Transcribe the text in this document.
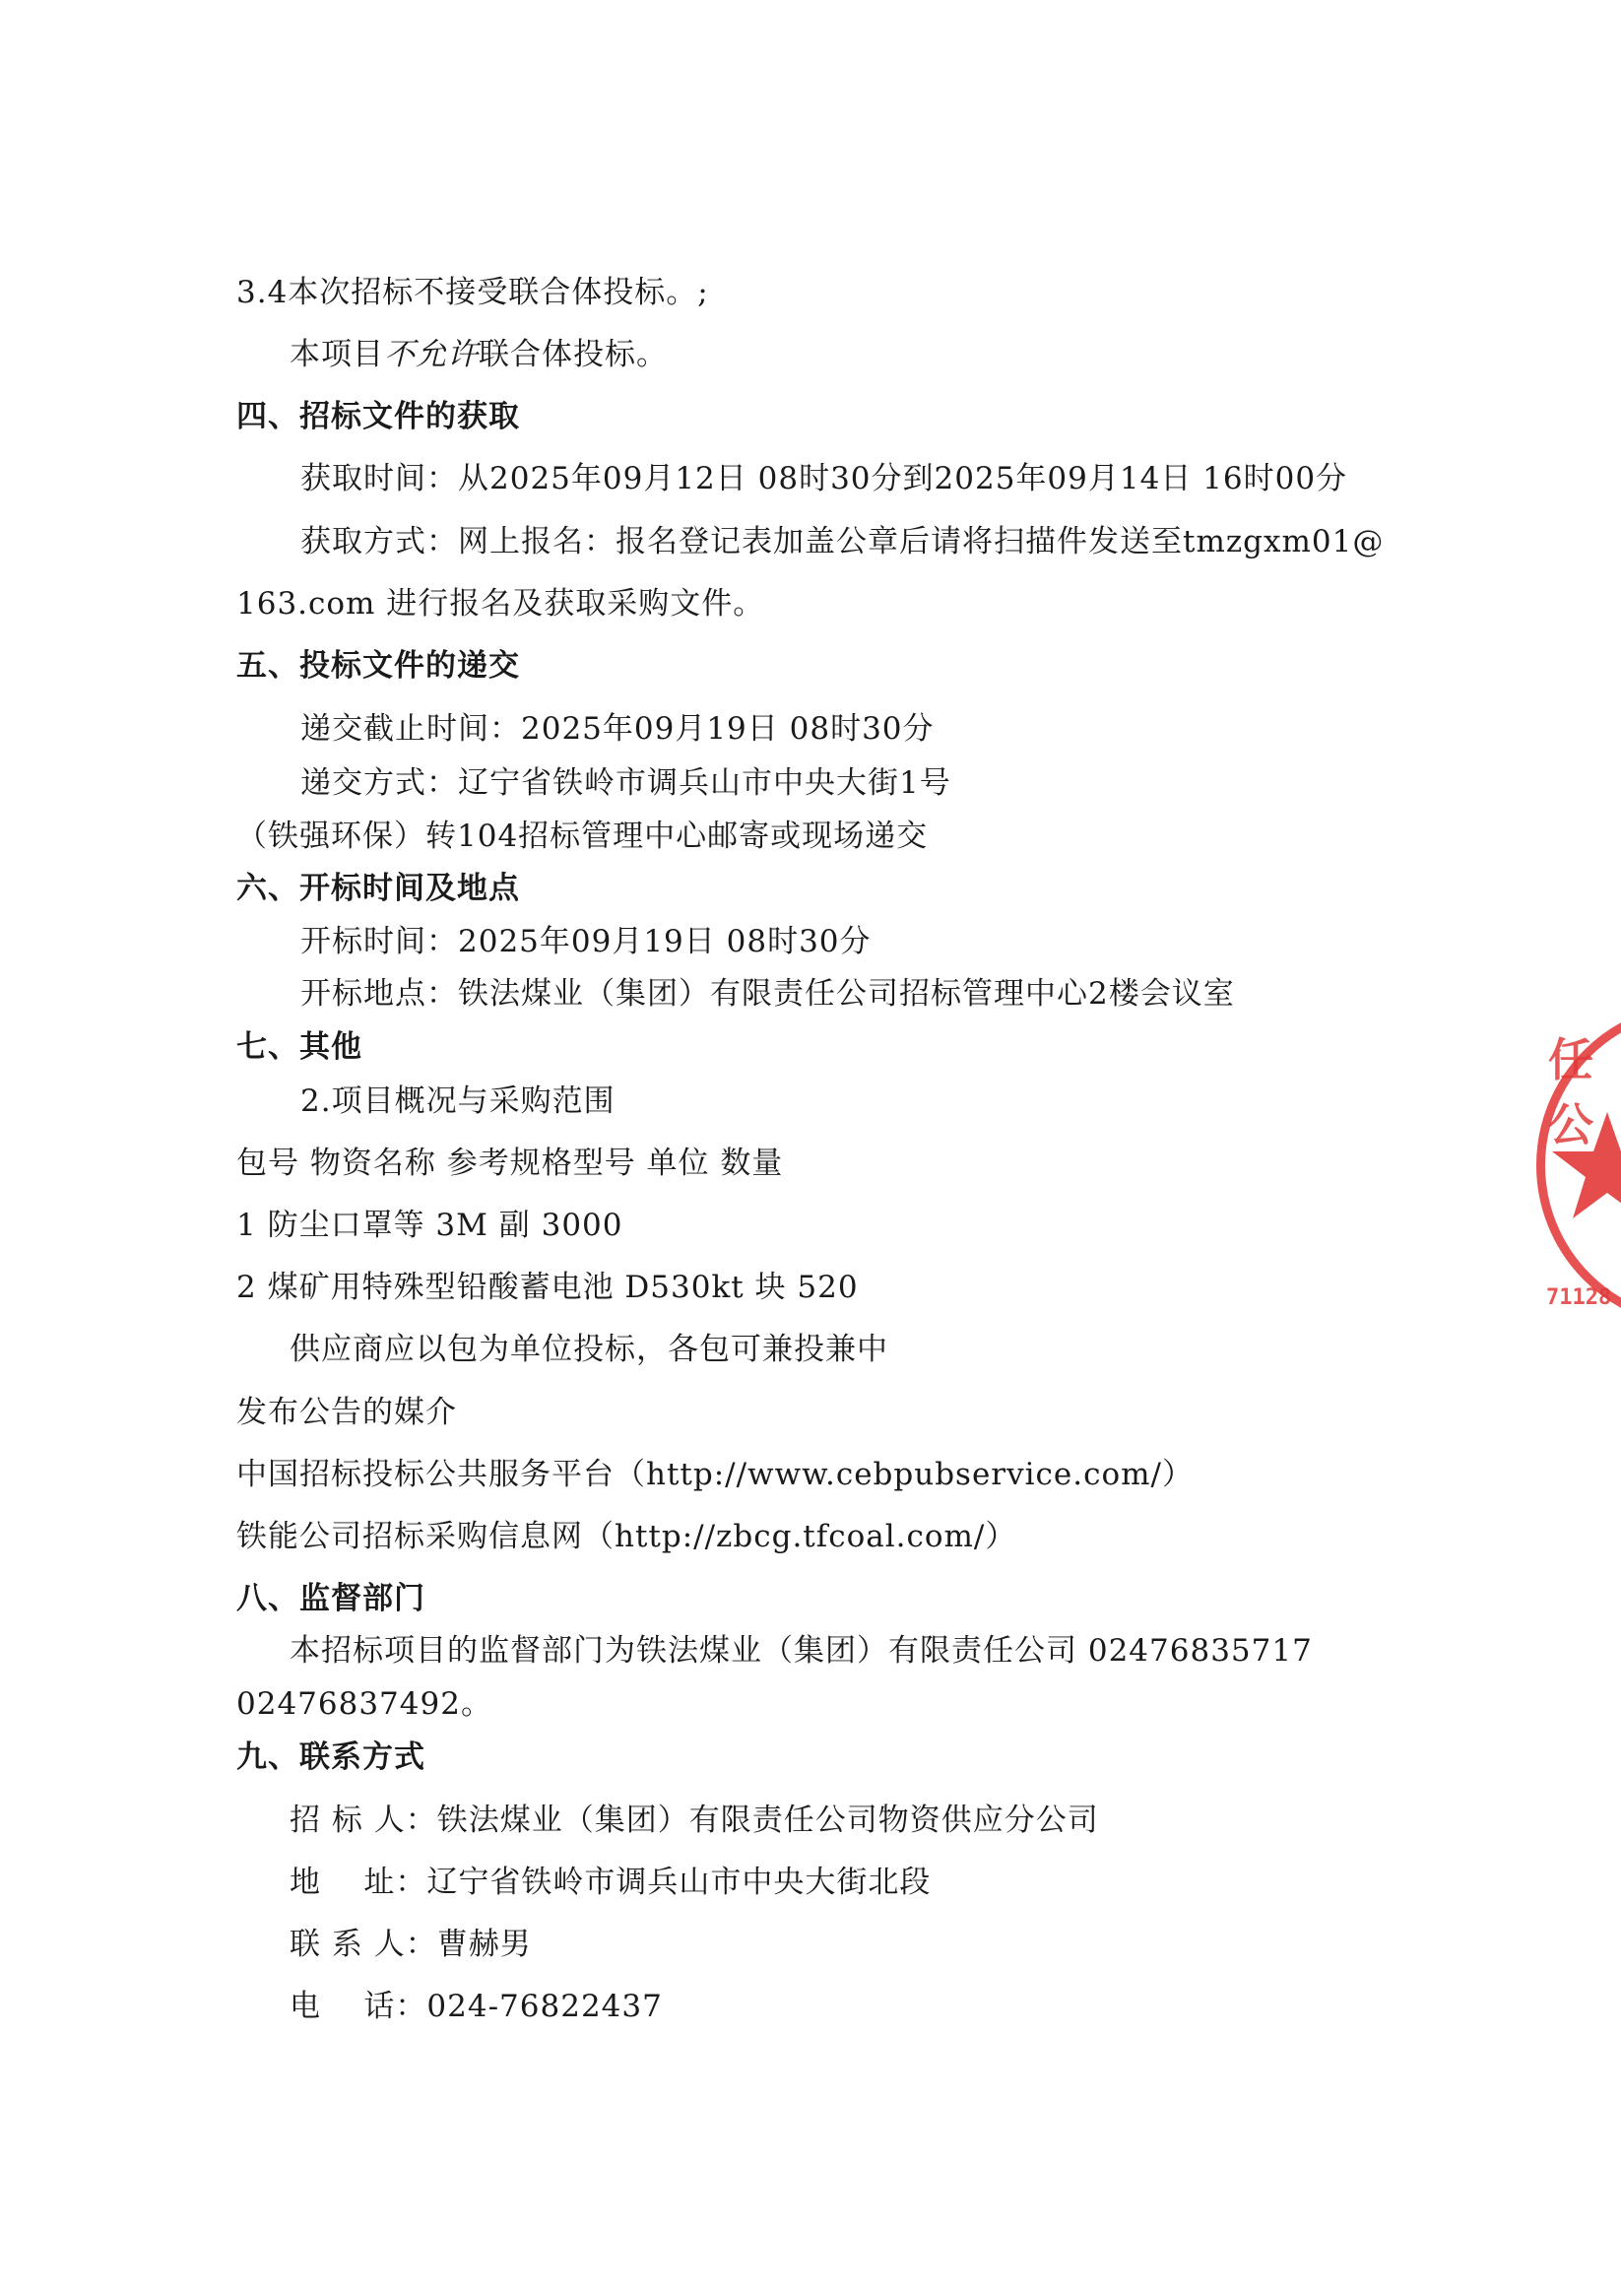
3.4本次招标不接受联合体投标。;
本项目不允许联合体投标。
四、招标文件的获取
获取时间：从2025年09月12日 08时30分到2025年09月14日 16时00分
获取方式：网上报名：报名登记表加盖公章后请将扫描件发送至tmzgxm01@
163.com 进行报名及获取采购文件。
五、投标文件的递交
递交截止时间：2025年09月19日 08时30分
递交方式：辽宁省铁岭市调兵山市中央大街1号
（铁强环保）转104招标管理中心邮寄或现场递交
六、开标时间及地点
开标时间：2025年09月19日 08时30分
开标地点：铁法煤业（集团）有限责任公司招标管理中心2楼会议室
七、其他
2.项目概况与采购范围
包号 物资名称 参考规格型号 单位 数量
1 防尘口罩等 3M 副 3000
2 煤矿用特殊型铅酸蓄电池 D530kt 块 520
供应商应以包为单位投标，各包可兼投兼中
发布公告的媒介
中国招标投标公共服务平台（http://www.cebpubservice.com/）
铁能公司招标采购信息网（http://zbcg.tfcoal.com/）
八、监督部门
本招标项目的监督部门为铁法煤业（集团）有限责任公司 02476835717
02476837492。
九、联系方式
招 标 人：铁法煤业（集团）有限责任公司物资供应分公司
地    址：辽宁省铁岭市调兵山市中央大街北段
联 系 人：曹赫男
电    话：024-76822437
任公
71128
